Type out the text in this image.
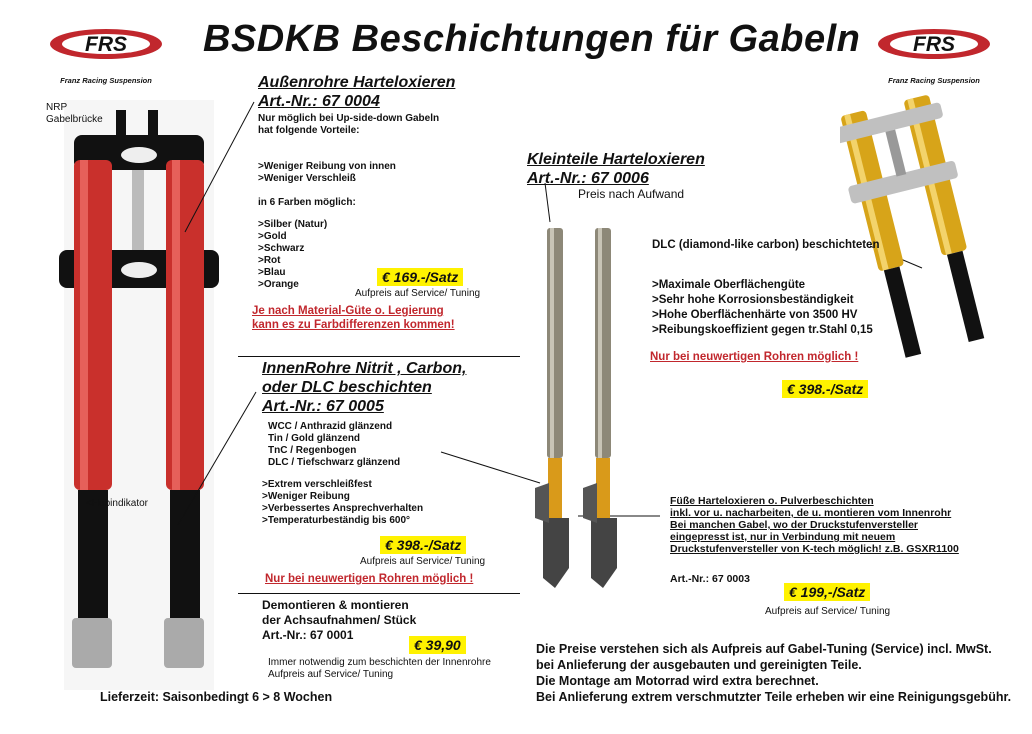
FRS
Franz Racing Suspension
FRS
Franz Racing Suspension
BSDKB Beschichtungen für Gabeln
NRP
Gabelbrücke
<Hubindikator
Außenrohre Harteloxieren
Art.-Nr.: 67 0004
Nur möglich bei Up-side-down Gabeln
hat folgende Vorteile:
>Weniger Reibung von innen
>Weniger Verschleiß
in 6 Farben möglich:
>Silber (Natur)
>Gold
>Schwarz
>Rot
>Blau
>Orange	€ 169.-/Satz
Aufpreis auf Service/ Tuning
Je nach Material-Güte o. Legierung
kann es zu Farbdifferenzen kommen!
InnenRohre Nitrit , Carbon,
oder DLC beschichten
Art.-Nr.: 67 0005
WCC / Anthrazid glänzend
Tin / Gold glänzend
TnC / Regenbogen
DLC / Tiefschwarz glänzend
>Extrem verschleißfest
>Weniger Reibung
>Verbessertes Ansprechverhalten
>Temperaturbeständig bis 600°
€ 398.-/Satz
Aufpreis auf Service/ Tuning
Nur bei neuwertigen Rohren möglich !
Demontieren & montieren
der Achsaufnahmen/ Stück
Art.-Nr.: 67 0001
€ 39,90
Immer notwendig zum beschichten der Innenrohre
Aufpreis auf Service/ Tuning
Lieferzeit: Saisonbedingt 6 > 8 Wochen
Kleinteile Harteloxieren
Art.-Nr.: 67 0006
Preis nach Aufwand
DLC (diamond-like carbon) beschichteten
>Maximale Oberflächengüte
>Sehr hohe Korrosionsbeständigkeit
>Hohe Oberflächenhärte von 3500 HV
>Reibungskoeffizient gegen tr.Stahl 0,15
Nur bei neuwertigen Rohren möglich !
€ 398.-/Satz
Füße Harteloxieren o. Pulverbeschichten
inkl. vor u. nacharbeiten, de u. montieren vom Innenrohr
Bei manchen Gabel, wo der Druckstufenversteller
eingepresst ist, nur in Verbindung mit neuem
Druckstufenversteller von K-tech möglich! z.B. GSXR1100
Art.-Nr.: 67 0003
€ 199,-/Satz
Aufpreis auf Service/ Tuning
Die Preise verstehen sich als Aufpreis auf Gabel-Tuning (Service) incl. MwSt.
bei Anlieferung der ausgebauten und gereinigten Teile.
Die Montage am Motorrad wird extra berechnet.
Bei Anlieferung extrem verschmutzter Teile erheben wir eine Reinigungsgebühr.
